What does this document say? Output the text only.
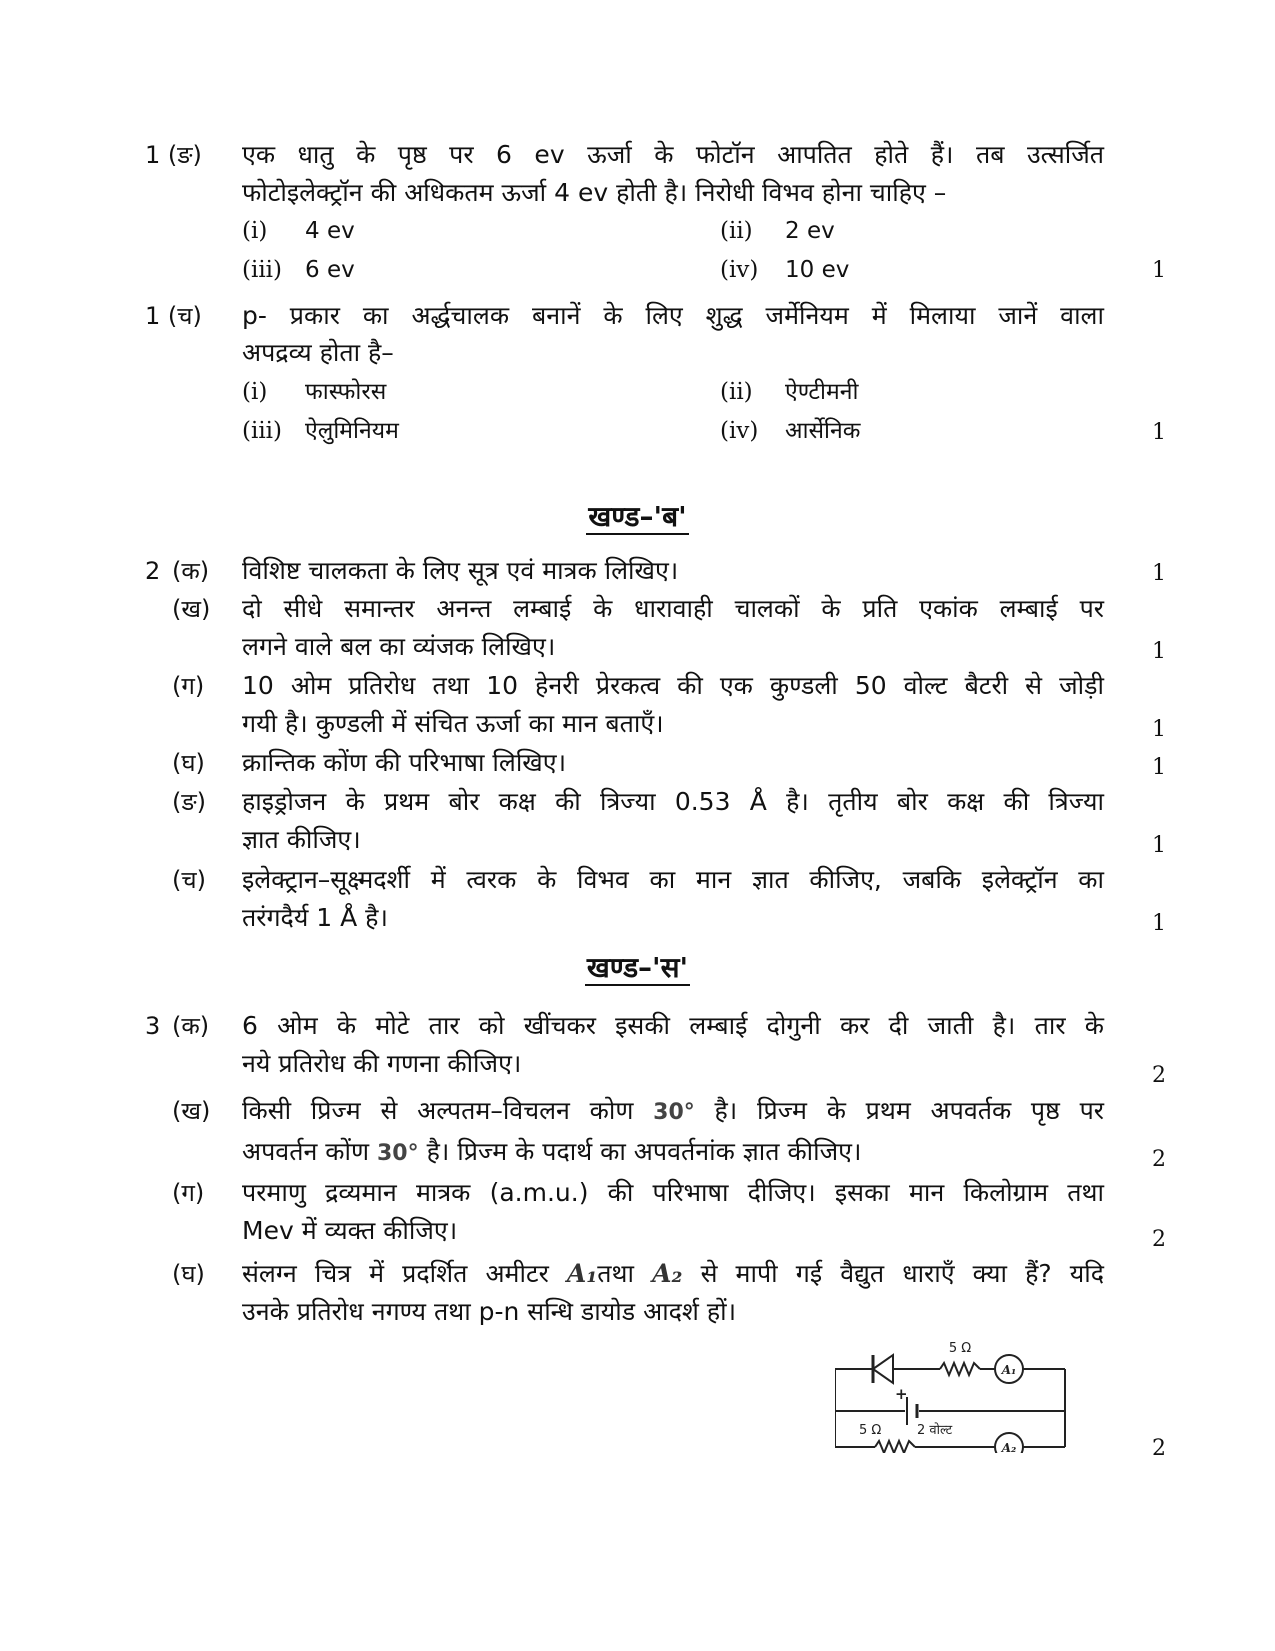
1 (ङ) एक धातु के पृष्ठ पर 6 ev ऊर्जा के फोटॉन आपतित होते हैं। तब उत्सर्जित
फोटोइलेक्ट्रॉन की अधिकतम ऊर्जा 4 ev होती है। निरोधी विभव होना चाहिए –
(i) 4 ev	(ii) 2 ev
(iii) 6 ev	(iv) 10 ev	1
1 (च) p- प्रकार का अर्द्धचालक बनानें के लिए शुद्ध जर्मेनियम में मिलाया जानें वाला
अपद्रव्य होता है–
(i) फास्फोरस	(ii) ऐण्टीमनी
(iii) ऐलुमिनियम	(iv) आर्सेनिक	1
खण्ड–'ब'
2 (क) विशिष्ट चालकता के लिए सूत्र एवं मात्रक लिखिए।	1
(ख) दो सीधे समान्तर अनन्त लम्बाई के धारावाही चालकों के प्रति एकांक लम्बाई पर
लगने वाले बल का व्यंजक लिखिए।	1
(ग) 10 ओम प्रतिरोध तथा 10 हेनरी प्रेरकत्व की एक कुण्डली 50 वोल्ट बैटरी से जोड़ी
गयी है। कुण्डली में संचित ऊर्जा का मान बताएँ।	1
(घ) क्रान्तिक कोंण की परिभाषा लिखिए।	1
(ङ) हाइड्रोजन के प्रथम बोर कक्ष की त्रिज्या 0.53 Å है। तृतीय बोर कक्ष की त्रिज्या
ज्ञात कीजिए।	1
(च) इलेक्ट्रान–सूक्ष्मदर्शी में त्वरक के विभव का मान ज्ञात कीजिए, जबकि इलेक्ट्रॉन का
तरंगदैर्य 1 Å है।	1
खण्ड–'स'
3 (क) 6 ओम के मोटे तार को खींचकर इसकी लम्बाई दोगुनी कर दी जाती है। तार के
नये प्रतिरोध की गणना कीजिए।	2
(ख) किसी प्रिज्म से अल्पतम–विचलन कोण 30° है। प्रिज्म के प्रथम अपवर्तक पृष्ठ पर
अपवर्तन कोंण 30° है। प्रिज्म के पदार्थ का अपवर्तनांक ज्ञात कीजिए।	2
(ग) परमाणु द्रव्यमान मात्रक (a.m.u.) की परिभाषा दीजिए। इसका मान किलोग्राम तथा
Mev में व्यक्त कीजिए।	2
(घ) संलग्न चित्र में प्रदर्शित अमीटर A₁तथा A₂ से मापी गई वैद्युत धाराएँ क्या हैं? यदि
उनके प्रतिरोध नगण्य तथा p-n सन्धि डायोड आदर्श हों।
5 Ω
5 Ω
+
2 वोल्ट
A₁
A₂	2
